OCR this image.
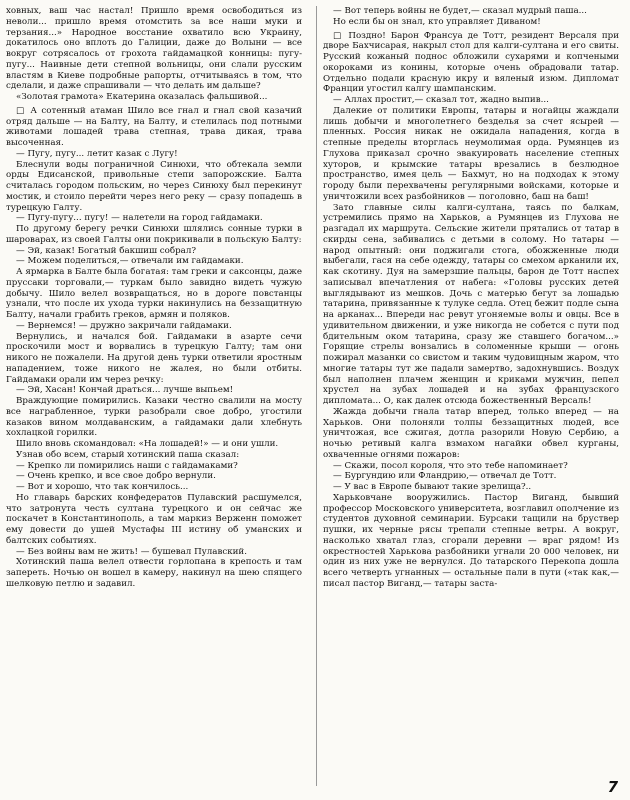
ховных, ваш час настал! Пришло время освободиться из неволи... пришло время отомстить за все наши муки и терзания...» Народное восстание охватило всю Украину, докатилось оно вплоть до Галиции, даже до Волыни — все вокруг сотрясалось от грохота гайдамацкой конницы: пугу-пугу... Наивные дети степной вольницы, они слали русским властям в Киеве подробные рапорты, отчитываясь в том, что сделали, и даже спрашивали — что делать им дальше?

«Золотая грамота» Екатерина оказалась фальшивой...

□ А сотенный атаман Шило все гнал и гнал свой казачий отряд дальше — на Балту, на Балту, и стелилась под потными животами лошадей трава степная, трава дикая, трава высоченная.

— Пугу, пугу... летит казак с Лугу!

Блеснули воды пограничной Синюхи, что обтекала земли орды Едисанской, привольные степи запорожские. Балта считалась городом польским, но через Синюху был перекинут мостик, и стоило перейти через него реку — сразу попадешь в турецкую Галту.

— Пугу-пугу... пугу! — налетели на город гайдамаки.

По другому берегу речки Синюхи шлялись сонные турки в шароварах, из своей Галты они покрикивали в польскую Балту:

— Эй, казак! Богатый бакшиш собрал?

— Можем поделиться,— отвечали им гайдамаки.

А ярмарка в Балте была богатая: там греки и саксонцы, даже пруссаки торговали,— туркам было завидно видеть чужую добычу. Шило велел возвращаться, но в дороге повстанцы узнали, что после их ухода турки накинулись на беззащитную Балту, начали грабить греков, армян и поляков.

— Вернемся! — дружно закричали гайдамаки.

Вернулись, и начался бой. Гайдамаки в азарте сечи проскочили мост и ворвались в турецкую Галту; там они никого не пожалели. На другой день турки ответили яростным нападением, тоже никого не жалея, но были отбиты. Гайдамаки орали им через речку:

— Эй, Хасан! Кончай драться... лучше выпьем!

Враждующие помирились. Казаки честно свалили на мосту все награбленное, турки разобрали свое добро, угостили казаков вином молдаванским, а гайдамаки дали хлебнуть хохлацкой горилки.

Шило вновь скомандовал: «На лошадей!» — и они ушли.

Узнав обо всем, старый хотинский паша сказал:

— Крепко ли помирились наши с гайдамаками?

— Очень крепко, и все свое добро вернули.

— Вот и хорошо, что так кончилось...

Но главарь барских конфедератов Пулавский расшумелся, что затронута честь султана турецкого и он сейчас же поскачет в Константинополь, а там маркиз Верженн поможет ему довести до ушей Мустафы III истину об уманских и балтских событиях.

— Без войны вам не жить! — бушевал Пулавский.

Хотинский паша велел отвести горлопана в крепость и там запереть. Ночью он вошел в камеру, накинул на шею спящего шелковую петлю и задавил.

— Вот теперь войны не будет,— сказал мудрый паша...

Но если бы он знал, кто управляет Диваном!

□ Поздно! Барон Франсуа де Тотт, резидент Версаля при дворе Бахчисарая, накрыл стол для калги-султана и его свиты. Русский кожаный поднос обложили сухарями и копчеными окороками из конины, которые очень обрадовали татар. Отдельно подали красную икру и вяленый изюм. Дипломат Франции угостил калгу шампанским.

— Аллах простит,— сказал тот, жадно выпив...

Далекие от политики Европы, татары и ногайцы жаждали лишь добычи и многолетнего безделья за счет ясырей — пленных. Россия никак не ожидала нападения, когда в степные пределы вторглась неумолимая орда. Румянцев из Глухова приказал срочно эвакуировать население степных хуторов, и крымские татары врезались в безлюдное пространство, имея цель — Бахмут, но на подходах к этому городу были перехвачены регулярными войсками, которые и уничтожили всех разбойников — поголовно, баш на баш!

Зато главные силы калги-султана, таясь по балкам, устремились прямо на Харьков, а Румянцев из Глухова не разгадал их маршрута. Сельские жители прятались от татар в скирды сена, забивались с детьми в солому. Но татары — народ опытный: они поджигали стога, обожженные люди выбегали, гася на себе одежду, татары со смехом арканили их, как скотину. Дуя на замерзшие пальцы, барон де Тотт наспех записывал впечатления от набега: «Головы русских детей выглядывают из мешков. Дочь с матерью бегут за лошадью татарина, привязанные к тулуке седла. Отец бежит подле сына на арканах... Впереди нас ревут угоняемые волы и овцы. Все в удивительном движении, и уже никогда не собется с пути под бдительным оком татарина, сразу же ставшего богачом...» Горящие стрелы вонзались в соломенные крыши — огонь пожирал мазанки со свистом и таким чудовищным жаром, что многие татары тут же падали замертво, задохнувшись. Воздух был наполнен плачем женщин и криками мужчин, пепел хрустел на зубах лошадей и на зубах французского дипломата... О, как далек отсюда божественный Версаль!

Жажда добычи гнала татар вперед, только вперед — на Харьков. Они полоняли толпы беззащитных людей, все уничтожая, все сжигая, дотла разорили Новую Сербию, а ночью ретивый калга взмахом нагайки обвел курганы, охваченные огнями пожаров:

— Скажи, посол короля, что это тебе напоминает?

— Бургундию или Фландрию,— отвечал де Тотт.

— У вас в Европе бывают такие зрелища?..

Харьковчане вооружились. Пастор Виганд, бывший профессор Московского университета, возглавил ополчение из студентов духовной семинарии. Бурсаки тащили на бруствер пушки, их черные рясы трепали степные ветры. А вокруг, насколько хватал глаз, сгорали деревни — враг рядом! Из окрестностей Харькова разбойники угнали 20 000 человек, ни один из них уже не вернулся. До татарского Перекопа дошла всего четверть угнанных — остальные пали в пути («так как,— писал пастор Виганд,— татары заста-

7
